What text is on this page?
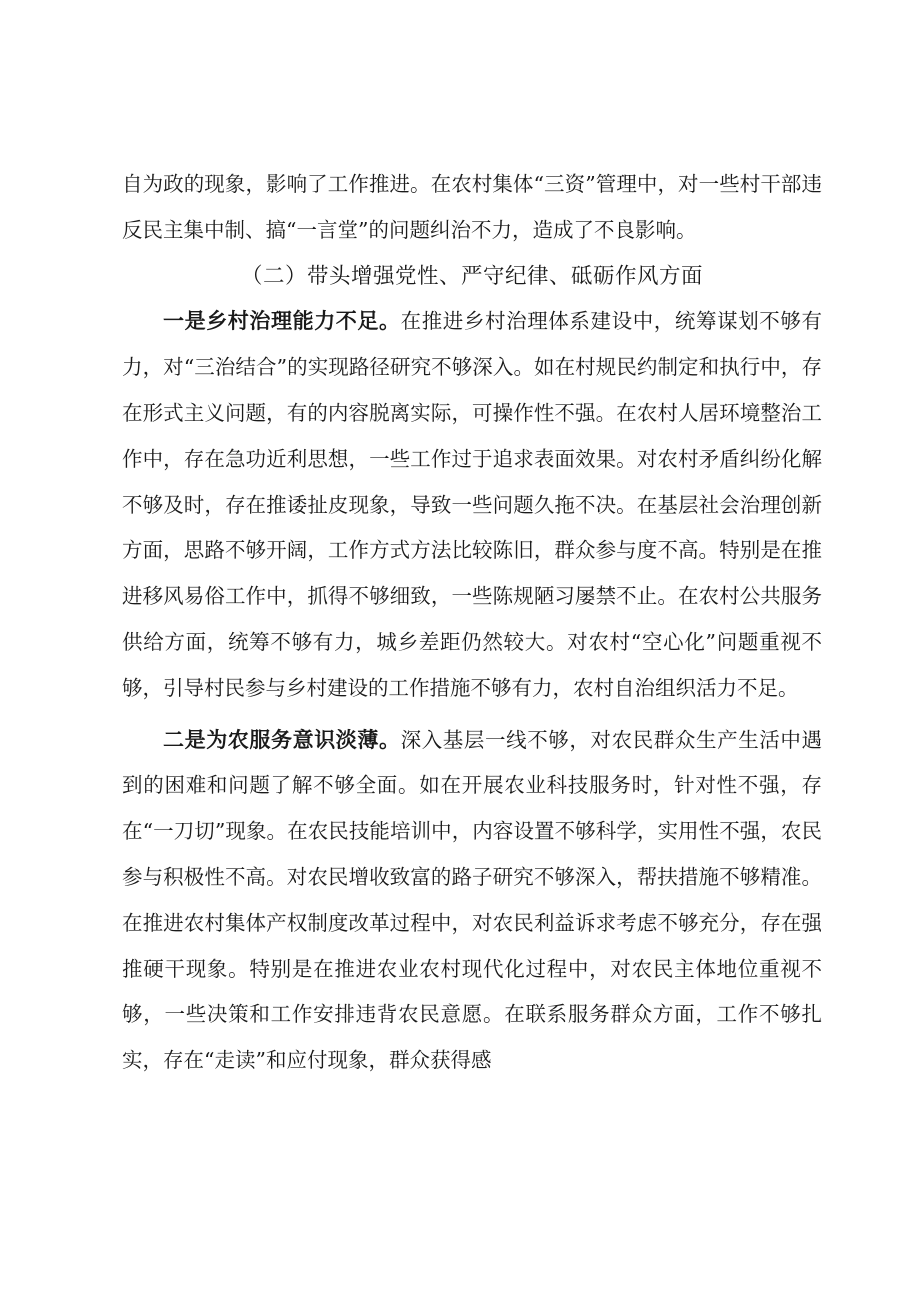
自为政的现象，影响了工作推进。在农村集体“三资”管理中，对一些村干部违反民主集中制、搞“一言堂”的问题纠治不力，造成了不良影响。

（二）带头增强党性、严守纪律、砥砺作风方面

一是乡村治理能力不足。在推进乡村治理体系建设中，统筹谋划不够有力，对“三治结合”的实现路径研究不够深入。如在村规民约制定和执行中，存在形式主义问题，有的内容脱离实际，可操作性不强。在农村人居环境整治工作中，存在急功近利思想，一些工作过于追求表面效果。对农村矛盾纠纷化解不够及时，存在推诿扯皮现象，导致一些问题久拖不决。在基层社会治理创新方面，思路不够开阔，工作方式方法比较陈旧，群众参与度不高。特别是在推进移风易俗工作中，抓得不够细致，一些陈规陋习屡禁不止。在农村公共服务供给方面，统筹不够有力，城乡差距仍然较大。对农村“空心化”问题重视不够，引导村民参与乡村建设的工作措施不够有力，农村自治组织活力不足。

二是为农服务意识淡薄。深入基层一线不够，对农民群众生产生活中遇到的困难和问题了解不够全面。如在开展农业科技服务时，针对性不强，存在“一刀切”现象。在农民技能培训中，内容设置不够科学，实用性不强，农民参与积极性不高。对农民增收致富的路子研究不够深入，帮扶措施不够精准。在推进农村集体产权制度改革过程中，对农民利益诉求考虑不够充分，存在强推硬干现象。特别是在推进农业农村现代化过程中，对农民主体地位重视不够，一些决策和工作安排违背农民意愿。在联系服务群众方面，工作不够扎实，存在“走读”和应付现象，群众获得感
